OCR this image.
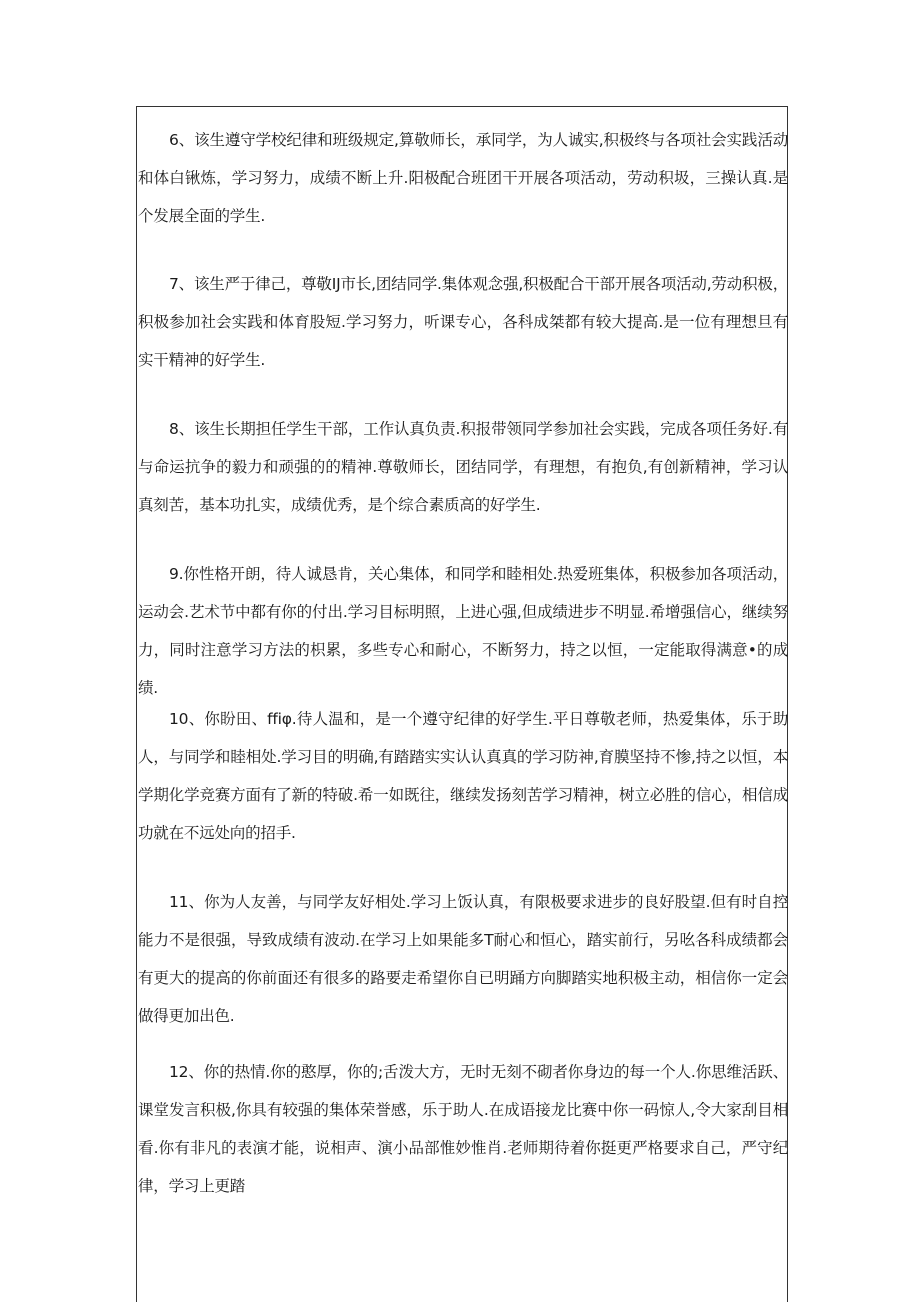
6、该生遵守学校纪律和班级规定,算敬师长，承同学，为人诚实,积极终与各项社会实践活动和体白锹炼，学习努力，成绩不断上升.阳极配合班团干开展各项活动，劳动积圾，三操认真.是个发展全面的学生.

7、该生严于律己，尊敬IJ市长,团结同学.集体观念强,积极配合干部开展各项活动,劳动积极，积极参加社会实践和体育股短.学习努力，听课专心，各科成桀都有较大提高.是一位有理想旦有实干精神的好学生.

8、该生长期担任学生干部，工作认真负责.积报带领同学参加社会实践，完成各项任务好.有与命运抗争的毅力和顽强的的精神.尊敬师长，团结同学，有理想，有抱负,有创新精神，学习认真刻苦，基本功扎实，成绩优秀，是个综合素质高的好学生.

9.你性格开朗，待人诚恳肯，关心集体，和同学和睦相处.热爱班集体，积极参加各项活动，运动会.艺术节中都有你的付出.学习目标明照，上进心强,但成绩进步不明显.希增强信心，继续努力，同时注意学习方法的枳累，多些专心和耐心，不断努力，持之以恒，一定能取得满意•的成绩.

10、你盼田、ffiφ.待人温和，是一个遵守纪律的好学生.平日尊敬老师，热爱集体，乐于助人，与同学和睦相处.学习目的明确,有踏踏实实认认真真的学习防神,育膜坚持不惨,持之以恒，本学期化学竞赛方面有了新的特破.希一如既往，继续发扬刻苦学习精神，树立必胜的信心，相信成功就在不远处向的招手.

11、你为人友善，与同学友好相处.学习上饭认真，有限极要求进步的良好股望.但有时自控能力不是很强，导致成绩有波动.在学习上如果能多T耐心和恒心，踏实前行，另吆各科成绩都会有更大的提高的你前面还有很多的路要走希望你自已明踊方向脚踏实地积极主动，相信你一定会做得更加出色.

12、你的热情.你的憨厚，你的;舌泼大方，无时无刻不砌者你身边的每一个人.你思维活跃、课堂发言积极,你具有较强的集体荣誉感，乐于助人.在成语接龙比赛中你一码惊人,令大家刮目相看.你有非凡的表演才能，说相声、演小品部惟妙惟肖.老师期待着你挺更严格要求自己，严守纪律，学习上更踏
